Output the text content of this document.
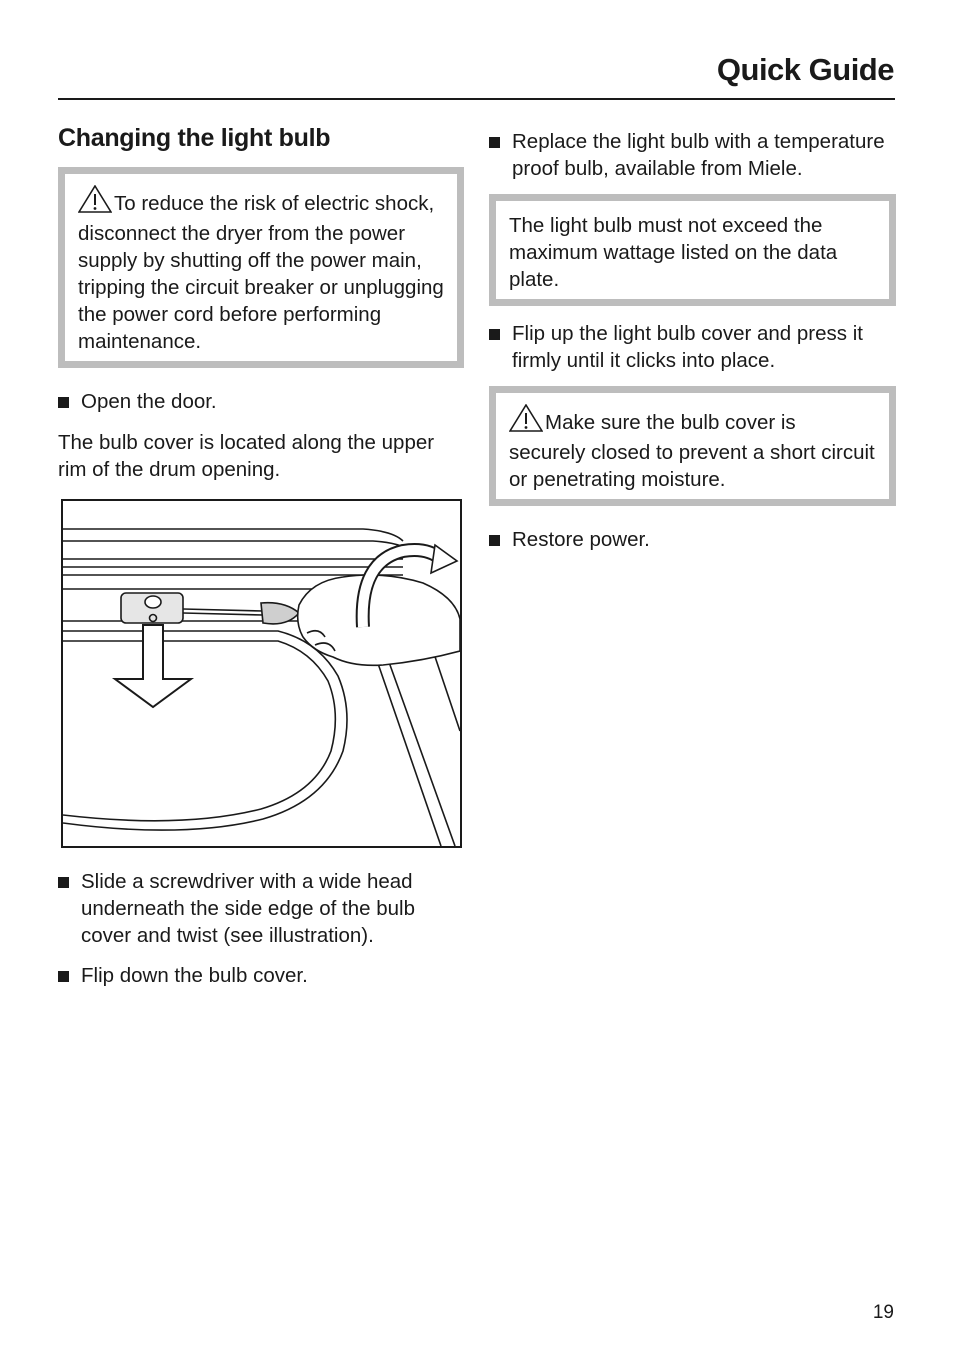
Quick Guide
Changing the light bulb
To reduce the risk of electric shock, disconnect the dryer from the power supply by shutting off the power main, tripping the circuit breaker or unplugging the power cord before performing maintenance.
Open the door.
The bulb cover is located along the upper rim of the drum opening.
Slide a screwdriver with a wide head underneath the side edge of the bulb cover and twist (see illustration).
Flip down the bulb cover.
Replace the light bulb with a temperature proof bulb, available from Miele.
The light bulb must not exceed the maximum wattage listed on the data plate.
Flip up the light bulb cover and press it firmly until it clicks into place.
Make sure the bulb cover is securely closed to prevent a short circuit or penetrating moisture.
Restore power.
19
